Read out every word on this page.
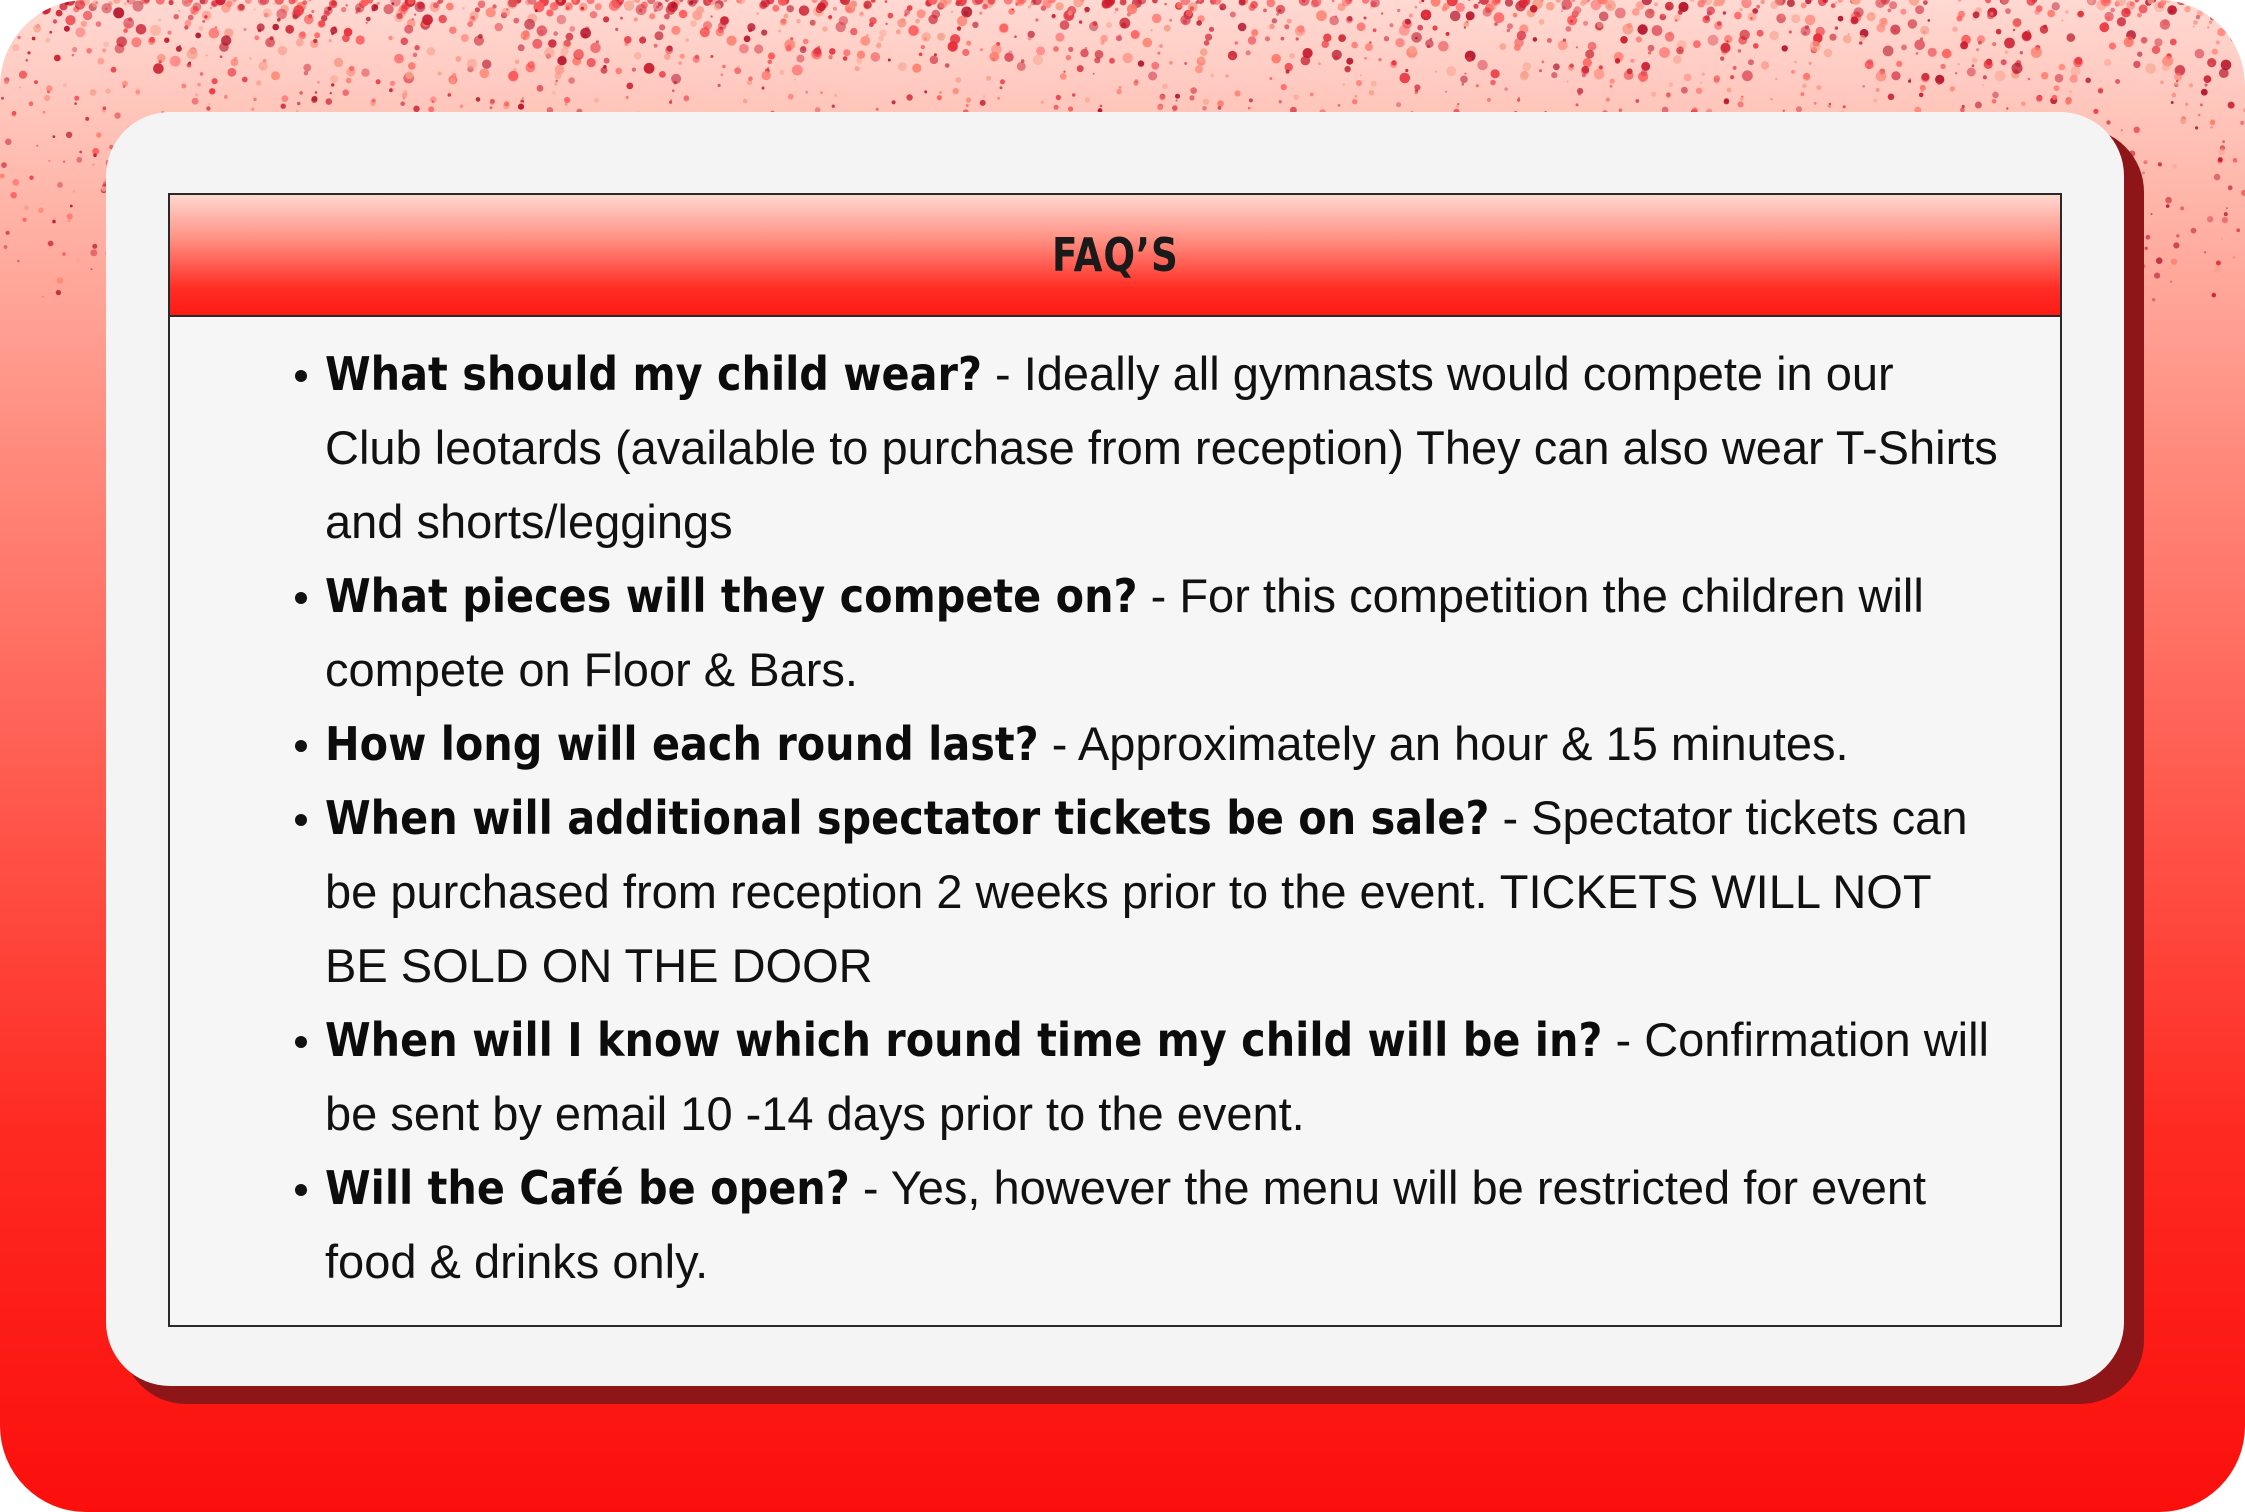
FAQ’S
What should my child wear? - Ideally all gymnasts would compete in our Club leotards (available to purchase from reception) They can also wear T-Shirts and shorts/leggings
What pieces will they compete on? - For this competition the children will compete on Floor & Bars.
How long will each round last? - Approximately an hour & 15 minutes.
When will additional spectator tickets be on sale? - Spectator tickets can be purchased from reception 2 weeks prior to the event. TICKETS WILL NOT BE SOLD ON THE DOOR
When will I know which round time my child will be in? - Confirmation will be sent by email 10 -14 days prior to the event.
Will the Café be open? - Yes, however the menu will be restricted for event food & drinks only.
